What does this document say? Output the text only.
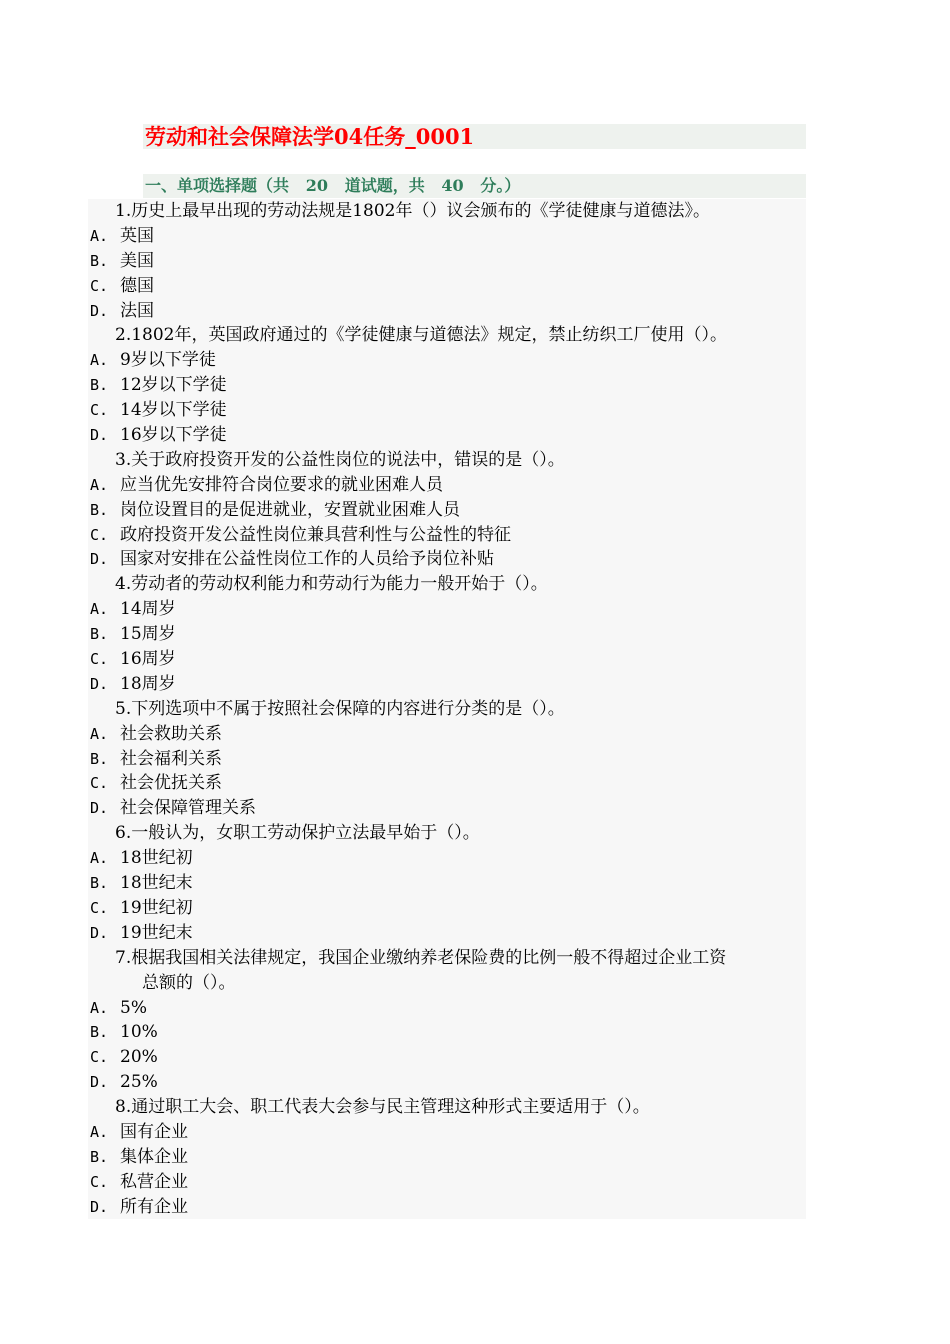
劳动和社会保障法学04任务_0001
一、单项选择题（共   20   道试题，共   40   分。）
1.历史上最早出现的劳动法规是1802年（）议会颁布的《学徒健康与道德法》。
A. 英国
B. 美国
C. 德国
D. 法国
2.1802年，英国政府通过的《学徒健康与道德法》规定，禁止纺织工厂使用（）。
A. 9岁以下学徒
B. 12岁以下学徒
C. 14岁以下学徒
D. 16岁以下学徒
3.关于政府投资开发的公益性岗位的说法中，错误的是（）。
A. 应当优先安排符合岗位要求的就业困难人员
B. 岗位设置目的是促进就业，安置就业困难人员
C. 政府投资开发公益性岗位兼具营利性与公益性的特征
D. 国家对安排在公益性岗位工作的人员给予岗位补贴
4.劳动者的劳动权利能力和劳动行为能力一般开始于（）。
A. 14周岁
B. 15周岁
C. 16周岁
D. 18周岁
5.下列选项中不属于按照社会保障的内容进行分类的是（）。
A. 社会救助关系
B. 社会福利关系
C. 社会优抚关系
D. 社会保障管理关系
6.一般认为，女职工劳动保护立法最早始于（）。
A. 18世纪初
B. 18世纪末
C. 19世纪初
D. 19世纪末
7.根据我国相关法律规定，我国企业缴纳养老保险费的比例一般不得超过企业工资
总额的（）。
A. 5%
B. 10%
C. 20%
D. 25%
8.通过职工大会、职工代表大会参与民主管理这种形式主要适用于（）。
A. 国有企业
B. 集体企业
C. 私营企业
D. 所有企业
